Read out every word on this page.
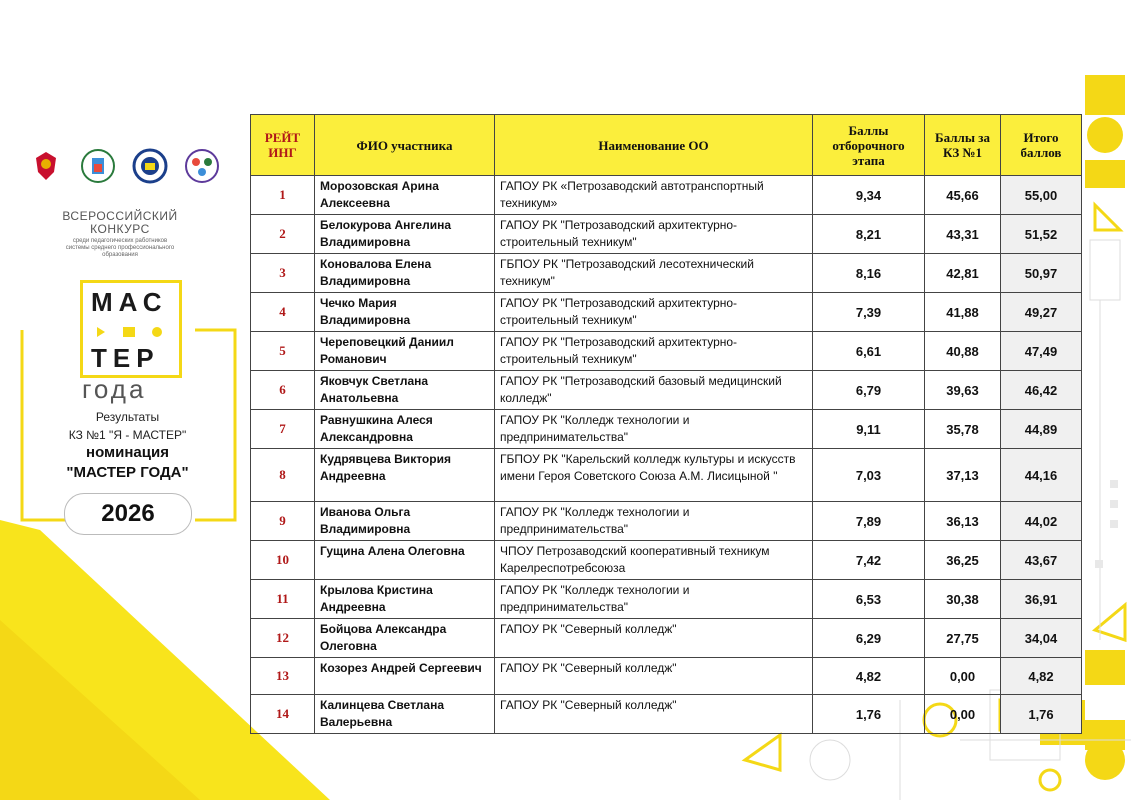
ВСЕРОССИЙСКИЙ
КОНКУРС
среди педагогических работников
системы среднего профессионального
образования
МАС
ТЕР
года
Результаты
КЗ №1 "Я - МАСТЕР"
номинация
"МАСТЕР ГОДА"
2026
РЕЙТ ИНГ	ФИО участника	Наименование ОО	Баллы отборочного этапа	Баллы за КЗ №1	Итого баллов
1	Морозовская Арина Алексеевна	ГАПОУ РК «Петрозаводский автотранспортный техникум»	9,34	45,66	55,00
2	Белокурова Ангелина Владимировна	ГАПОУ РК "Петрозаводский архитектурно-строительный техникум"	8,21	43,31	51,52
3	Коновалова Елена Владимировна	ГБПОУ РК "Петрозаводский лесотехнический техникум"	8,16	42,81	50,97
4	Чечко Мария Владимировна	ГАПОУ РК "Петрозаводский архитектурно-строительный техникум"	7,39	41,88	49,27
5	Череповецкий Даниил Романович	ГАПОУ РК "Петрозаводский архитектурно-строительный техникум"	6,61	40,88	47,49
6	Яковчук Светлана Анатольевна	ГАПОУ РК "Петрозаводский базовый медицинский колледж"	6,79	39,63	46,42
7	Равнушкина Алеся Александровна	ГАПОУ РК "Колледж технологии и предпринимательства"	9,11	35,78	44,89
8	Кудрявцева Виктория Андреевна	ГБПОУ РК "Карельский колледж культуры и искусств имени Героя Советского Союза А.М. Лисицыной "	7,03	37,13	44,16
9	Иванова Ольга Владимировна	ГАПОУ РК "Колледж технологии и предпринимательства"	7,89	36,13	44,02
10	Гущина Алена Олеговна	ЧПОУ Петрозаводский кооперативный техникум Карелреспотребсоюза	7,42	36,25	43,67
11	Крылова Кристина Андреевна	ГАПОУ РК "Колледж технологии и предпринимательства"	6,53	30,38	36,91
12	Бойцова Александра Олеговна	ГАПОУ РК "Северный колледж"	6,29	27,75	34,04
13	Козорез Андрей Сергеевич	ГАПОУ РК "Северный колледж"	4,82	0,00	4,82
14	Калинцева Светлана Валерьевна	ГАПОУ РК "Северный колледж"	1,76	0,00	1,76
